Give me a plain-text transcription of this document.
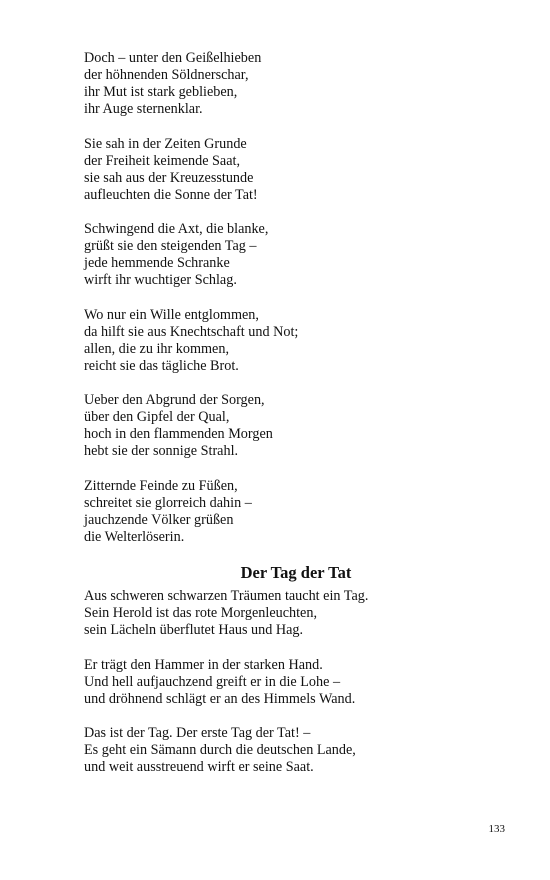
Doch – unter den Geißelhieben
der höhnenden Söldnerschar,
ihr Mut ist stark geblieben,
ihr Auge sternenklar.
Sie sah in der Zeiten Grunde
der Freiheit keimende Saat,
sie sah aus der Kreuzesstunde
aufleuchten die Sonne der Tat!
Schwingend die Axt, die blanke,
grüßt sie den steigenden Tag –
jede hemmende Schranke
wirft ihr wuchtiger Schlag.
Wo nur ein Wille entglommen,
da hilft sie aus Knechtschaft und Not;
allen, die zu ihr kommen,
reicht sie das tägliche Brot.
Ueber den Abgrund der Sorgen,
über den Gipfel der Qual,
hoch in den flammenden Morgen
hebt sie der sonnige Strahl.
Zitternde Feinde zu Füßen,
schreitet sie glorreich dahin –
jauchzende Völker grüßen
die Welterlöserin.
Der Tag der Tat
Aus schweren schwarzen Träumen taucht ein Tag.
Sein Herold ist das rote Morgenleuchten,
sein Lächeln überflutet Haus und Hag.
Er trägt den Hammer in der starken Hand.
Und hell aufjauchzend greift er in die Lohe –
und dröhnend schlägt er an des Himmels Wand.
Das ist der Tag. Der erste Tag der Tat! –
Es geht ein Sämann durch die deutschen Lande,
und weit ausstreuend wirft er seine Saat.
133
